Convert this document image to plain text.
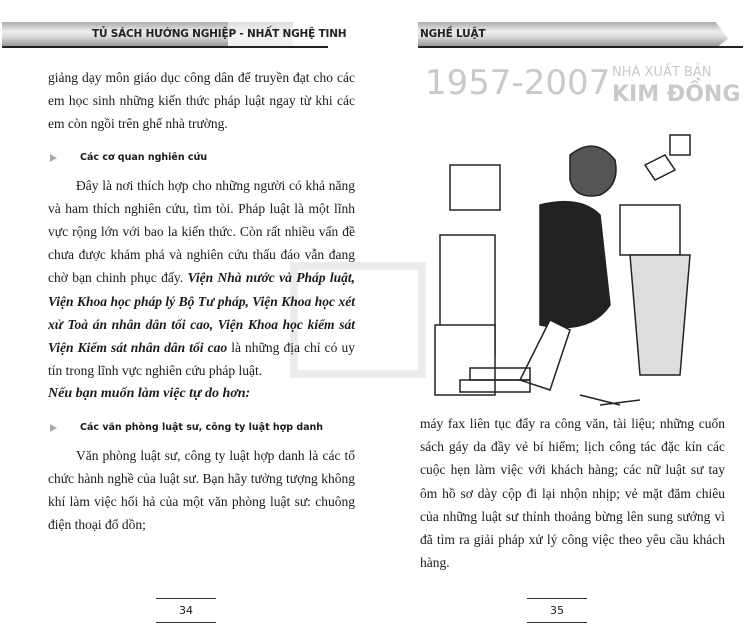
TỦ SÁCH HƯỚNG NGHIỆP - NHẤT NGHỆ TINH	NGHỀ LUẬT
1957-2007 NHÀ XUẤT BẢN
KIM ĐỒNG

giảng dạy môn giáo dục công dân để truyền đạt cho các em học sinh những kiến thức pháp luật ngay từ khi các em còn ngồi trên ghế nhà trường.

Các cơ quan nghiên cứu

Đây là nơi thích hợp cho những người có khả năng và ham thích nghiên cứu, tìm tòi. Pháp luật là một lĩnh vực rộng lớn với bao la kiến thức. Còn rất nhiều vấn đề chưa được khám phá và nghiên cứu thấu đáo vẫn đang chờ bạn chinh phục đấy. Viện Nhà nước và Pháp luật, Viện Khoa học pháp lý Bộ Tư pháp, Viện Khoa học xét xử Toà án nhân dân tối cao, Viện Khoa học kiểm sát Viện Kiểm sát nhân dân tối cao là những địa chỉ có uy tín trong lĩnh vực nghiên cứu pháp luật.

Nếu bạn muốn làm việc tự do hơn:

Các văn phòng luật sư, công ty luật hợp danh

Văn phòng luật sư, công ty luật hợp danh là các tổ chức hành nghề của luật sư. Bạn hãy tưởng tượng không khí làm việc hối hả của một văn phòng luật sư: chuông điện thoại đổ dồn;

34

máy fax liên tục đẩy ra công văn, tài liệu; những cuốn sách gáy da đầy vẻ bí hiểm; lịch công tác đặc kín các cuộc hẹn làm việc với khách hàng; các nữ luật sư tay ôm hồ sơ dày cộp đi lại nhộn nhịp; vẻ mặt đăm chiêu của những luật sư thỉnh thoảng bừng lên sung sướng vì đã tìm ra giải pháp xử lý công việc theo yêu cầu khách hàng.

35
